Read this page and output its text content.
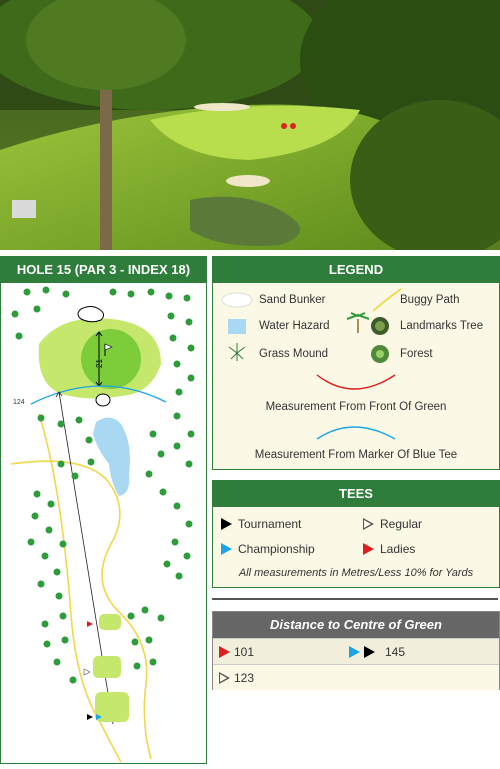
HOLE 15 (PAR 3 - INDEX 18)
21
124
LEGEND
Sand Bunker	Buggy Path
Water Hazard	Landmarks Tree
Grass Mound	Forest
Measurement From Front Of Green
Measurement From Marker Of Blue Tee
TEES
Tournament	Regular
Championship	Ladies
All measurements in Metres/Less 10% for Yards
Distance to Centre of Green
101	145
123
